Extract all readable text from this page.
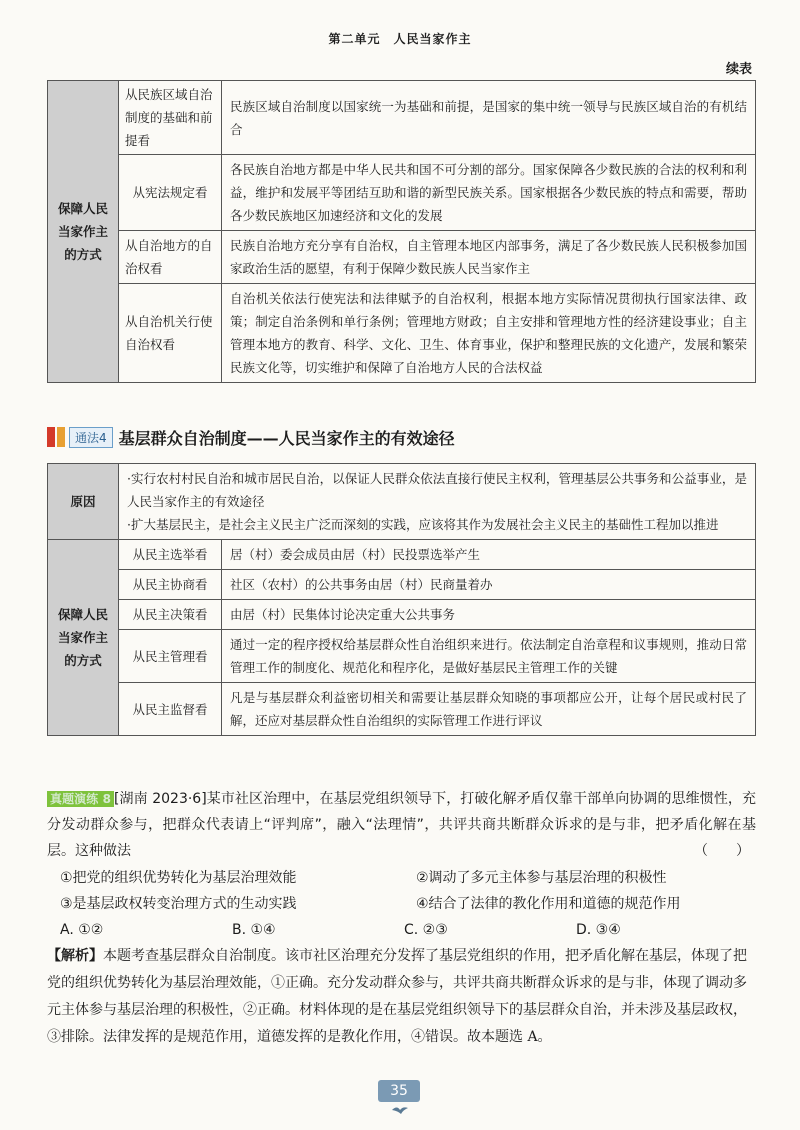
第二单元　人民当家作主
续表
保障人民当家作主的方式	从民族区域自治制度的基础和前提看	民族区域自治制度以国家统一为基础和前提，是国家的集中统一领导与民族区域自治的有机结合
	从宪法规定看	各民族自治地方都是中华人民共和国不可分割的部分。国家保障各少数民族的合法的权利和利益，维护和发展平等团结互助和谐的新型民族关系。国家根据各少数民族的特点和需要，帮助各少数民族地区加速经济和文化的发展
	从自治地方的自治权看	民族自治地方充分享有自治权，自主管理本地区内部事务，满足了各少数民族人民积极参加国家政治生活的愿望，有利于保障少数民族人民当家作主
	从自治机关行使自治权看	自治机关依法行使宪法和法律赋予的自治权利，根据本地方实际情况贯彻执行国家法律、政策；制定自治条例和单行条例；管理地方财政；自主安排和管理地方性的经济建设事业；自主管理本地方的教育、科学、文化、卫生、体育事业，保护和整理民族的文化遗产，发展和繁荣民族文化等，切实维护和保障了自治地方人民的合法权益
通法4 基层群众自治制度——人民当家作主的有效途径
原因	·实行农村村民自治和城市居民自治，以保证人民群众依法直接行使民主权利，管理基层公共事务和公益事业，是人民当家作主的有效途径
·扩大基层民主，是社会主义民主广泛而深刻的实践，应该将其作为发展社会主义民主的基础性工程加以推进	

保障人民当家作主的方式	从民主选举看	居（村）委会成员由居（村）民投票选举产生
	从民主协商看	社区（农村）的公共事务由居（村）民商量着办
	从民主决策看	由居（村）民集体讨论决定重大公共事务
	从民主管理看	通过一定的程序授权给基层群众性自治组织来进行。依法制定自治章程和议事规则，推动日常管理工作的制度化、规范化和程序化，是做好基层民主管理工作的关键
	从民主监督看	凡是与基层群众利益密切相关和需要让基层群众知晓的事项都应公开，让每个居民或村民了解，还应对基层群众性自治组织的实际管理工作进行评议
真题演练 8 [湖南 2023·6]某市社区治理中，在基层党组织领导下，打破化解矛盾仅靠干部单向协调的思维惯性，充分发动群众参与，把群众代表请上“评判席”，融入“法理情”，共评共商共断群众诉求的是与非，把矛盾化解在基层。这种做法	（　　）
①把党的组织优势转化为基层治理效能	②调动了多元主体参与基层治理的积极性
③是基层政权转变治理方式的生动实践	④结合了法律的教化作用和道德的规范作用
A. ①②	B. ①④	C. ②③	D. ③④
【解析】本题考查基层群众自治制度。该市社区治理充分发挥了基层党组织的作用，把矛盾化解在基层，体现了把党的组织优势转化为基层治理效能，①正确。充分发动群众参与，共评共商共断群众诉求的是与非，体现了调动多元主体参与基层治理的积极性，②正确。材料体现的是在基层党组织领导下的基层群众自治，并未涉及基层政权，③排除。法律发挥的是规范作用，道德发挥的是教化作用，④错误。故本题选 A。
35
